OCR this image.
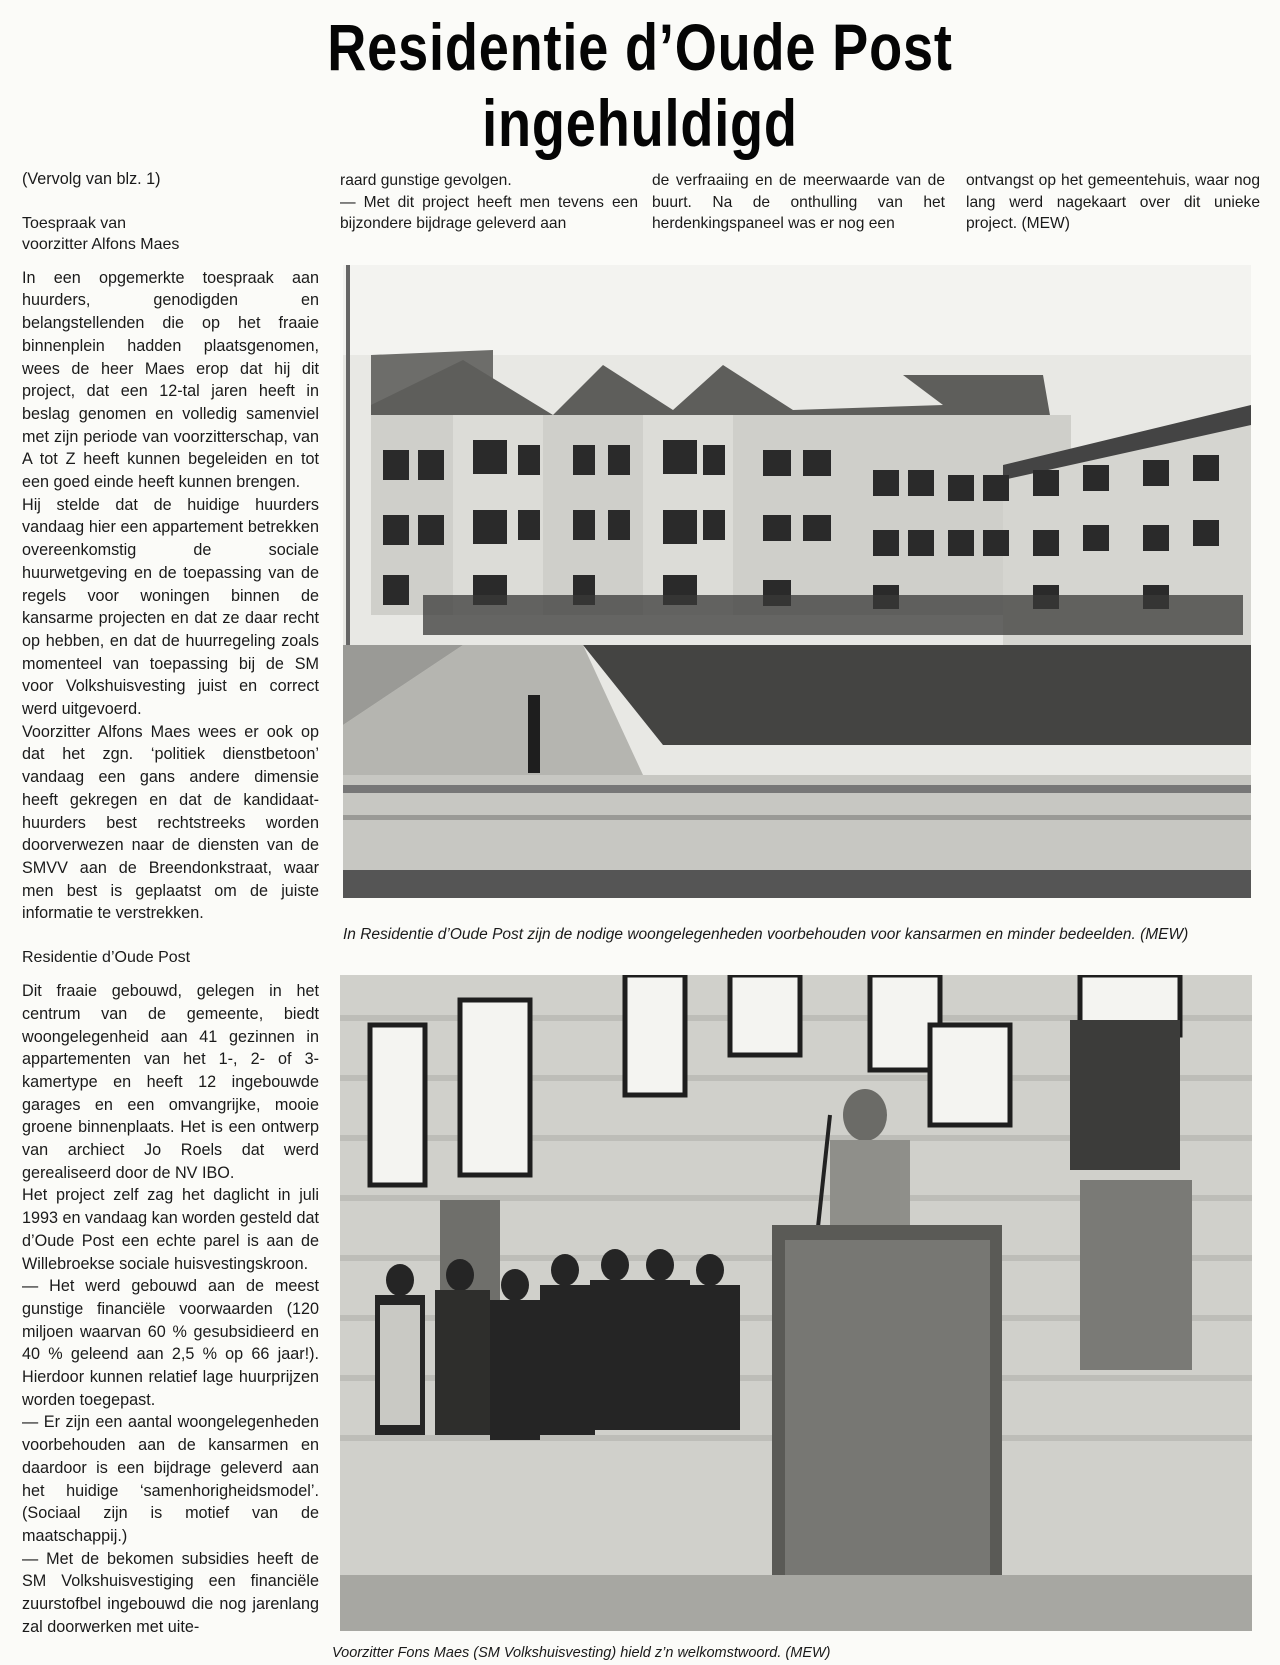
Residentie d’Oude Post
ingehuldigd

(Vervolg van blz. 1)

Toespraak van
voorzitter Alfons Maes

In een opgemerkte toespraak aan huurders, genodigden en belangstellenden die op het fraaie binnenplein hadden plaatsgenomen, wees de heer Maes erop dat hij dit project, dat een 12-tal jaren heeft in beslag genomen en volledig samenviel met zijn periode van voorzitterschap, van A tot Z heeft kunnen begeleiden en tot een goed einde heeft kunnen brengen.

Hij stelde dat de huidige huurders vandaag hier een appartement betrekken overeenkomstig de sociale huurwetgeving en de toepassing van de regels voor woningen binnen de kansarme projecten en dat ze daar recht op hebben, en dat de huurregeling zoals momenteel van toepassing bij de SM voor Volkshuisvesting juist en correct werd uitgevoerd.

Voorzitter Alfons Maes wees er ook op dat het zgn. ‘politiek dienstbetoon’ vandaag een gans andere dimensie heeft gekregen en dat de kandidaat-huurders best rechtstreeks worden doorverwezen naar de diensten van de SMVV aan de Breendonkstraat, waar men best is geplaatst om de juiste informatie te verstrekken.

Residentie d’Oude Post

Dit fraaie gebouwd, gelegen in het centrum van de gemeente, biedt woongelegenheid aan 41 gezinnen in appartementen van het 1-, 2- of 3-kamertype en heeft 12 ingebouwde garages en een omvangrijke, mooie groene binnenplaats. Het is een ontwerp van archiect Jo Roels dat werd gerealiseerd door de NV IBO.

Het project zelf zag het daglicht in juli 1993 en vandaag kan worden gesteld dat d’Oude Post een echte parel is aan de Willebroekse sociale huisvestingskroon.

— Het werd gebouwd aan de meest gunstige financiële voorwaarden (120 miljoen waarvan 60 % gesubsidieerd en 40 % geleend aan 2,5 % op 66 jaar!). Hierdoor kunnen relatief lage huurprijzen worden toegepast.

— Er zijn een aantal woongelegenheden voorbehouden aan de kansarmen en daardoor is een bijdrage geleverd aan het huidige ‘samenhorigheidsmodel’. (Sociaal zijn is motief van de maatschappij.)

— Met de bekomen subsidies heeft de SM Volkshuisvestiging een financiële zuurstofbel ingebouwd die nog jarenlang zal doorwerken met uite-

raard gunstige gevolgen.

— Met dit project heeft men tevens een bijzondere bijdrage geleverd aan

de verfraaiing en de meerwaarde van de buurt. Na de onthulling van het herdenkingspaneel was er nog een

ontvangst op het gemeentehuis, waar nog lang werd nagekaart over dit unieke project. (MEW)

In Residentie d’Oude Post zijn de nodige woongelegenheden voorbehouden voor kansarmen en minder bedeelden. (MEW)
Voorzitter Fons Maes (SM Volkshuisvesting) hield z’n welkomstwoord. (MEW)
